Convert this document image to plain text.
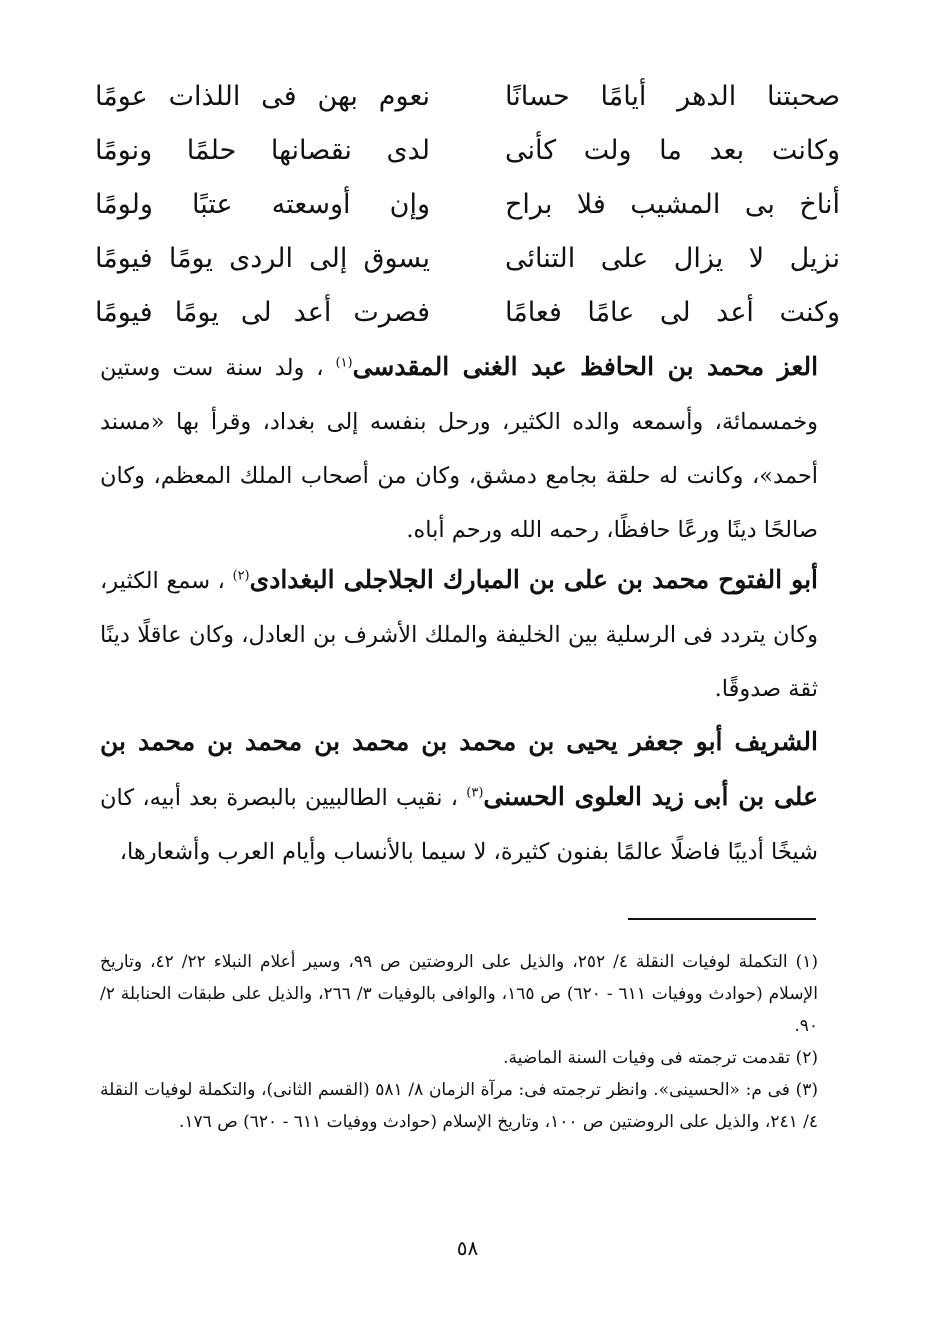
صحبتنا الدهر أيامًا حسانًا
نعوم بهن فى اللذات عومًا
وكانت بعد ما ولت كأنى
لدى نقصانها حلمًا ونومًا
أناخ بى المشيب فلا براح
وإن أوسعته عتبًا ولومًا
نزيل لا يزال على التنائى
يسوق إلى الردى يومًا فيومًا
وكنت أعد لى عامًا فعامًا
فصرت أعد لى يومًا فيومًا

العز محمد بن الحافظ عبد الغنى المقدسى$^{(١)}$ ، ولد سنة ست وستين وخمسمائة، وأسمعه والده الكثير، ورحل بنفسه إلى بغداد، وقرأ بها «مسند أحمد»، وكانت له حلقة بجامع دمشق، وكان من أصحاب الملك المعظم، وكان صالحًا دينًا ورعًا حافظًا، رحمه الله ورحم أباه.

أبو الفتوح محمد بن على بن المبارك الجلاجلى البغدادى$^{(٢)}$ ، سمع الكثير، وكان يتردد فى الرسلية بين الخليفة والملك الأشرف بن العادل، وكان عاقلًا دينًا ثقة صدوقًا.

الشريف أبو جعفر يحيى بن محمد بن محمد بن محمد بن محمد بن على بن أبى زيد العلوى الحسنى$^{(٣)}$ ، نقيب الطالبيين بالبصرة بعد أبيه، كان شيخًا أديبًا فاضلًا عالمًا بفنون كثيرة، لا سيما بالأنساب وأيام العرب وأشعارها،

(١) التكملة لوفيات النقلة ٤/ ٢٥٢، والذيل على الروضتين ص ٩٩، وسير أعلام النبلاء ٢٢/ ٤٢، وتاريخ الإسلام (حوادث ووفيات ٦١١ - ٦٢٠) ص ١٦٥، والوافى بالوفيات ٣/ ٢٦٦، والذيل على طبقات الحنابلة ٢/ ٩٠.
(٢) تقدمت ترجمته فى وفيات السنة الماضية.
(٣) فى م: «الحسينى». وانظر ترجمته فى: مرآة الزمان ٨/ ٥٨١ (القسم الثانى)، والتكملة لوفيات النقلة ٤/ ٢٤١، والذيل على الروضتين ص ١٠٠، وتاريخ الإسلام (حوادث ووفيات ٦١١ - ٦٢٠) ص ١٧٦.
٥٨
